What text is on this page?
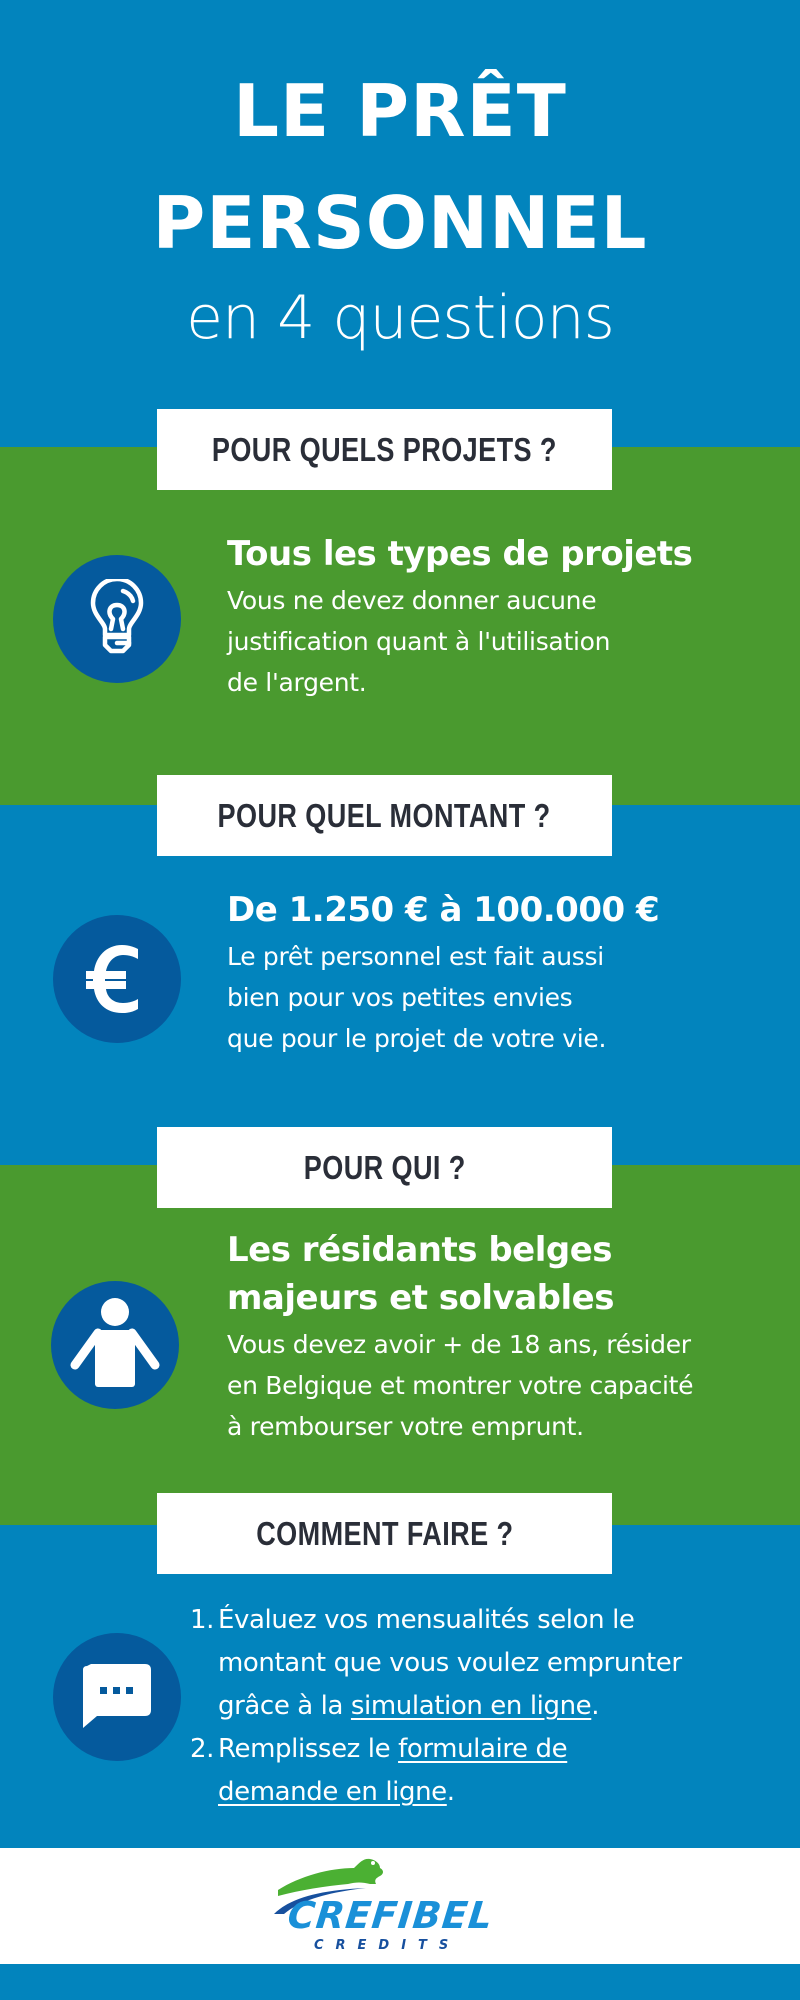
LE PRÊT
PERSONNEL
en 4 questions
POUR QUELS PROJETS ?
Tous les types de projets
Vous ne devez donner aucune
justification quant à l'utilisation
de l'argent.
POUR QUEL MONTANT ?
De 1.250 € à 100.000 €
Le prêt personnel est fait aussi
bien pour vos petites envies
que pour le projet de votre vie.
POUR QUI ?
Les résidants belges
majeurs et solvables
Vous devez avoir + de 18 ans, résider
en Belgique et montrer votre capacité
à rembourser votre emprunt.
COMMENT FAIRE ?
1. Évaluez vos mensualités selon le
montant que vous voulez emprunter
grâce à la simulation en ligne.
2. Remplissez le formulaire de
demande en ligne.
CREFIBEL
CREDITS
